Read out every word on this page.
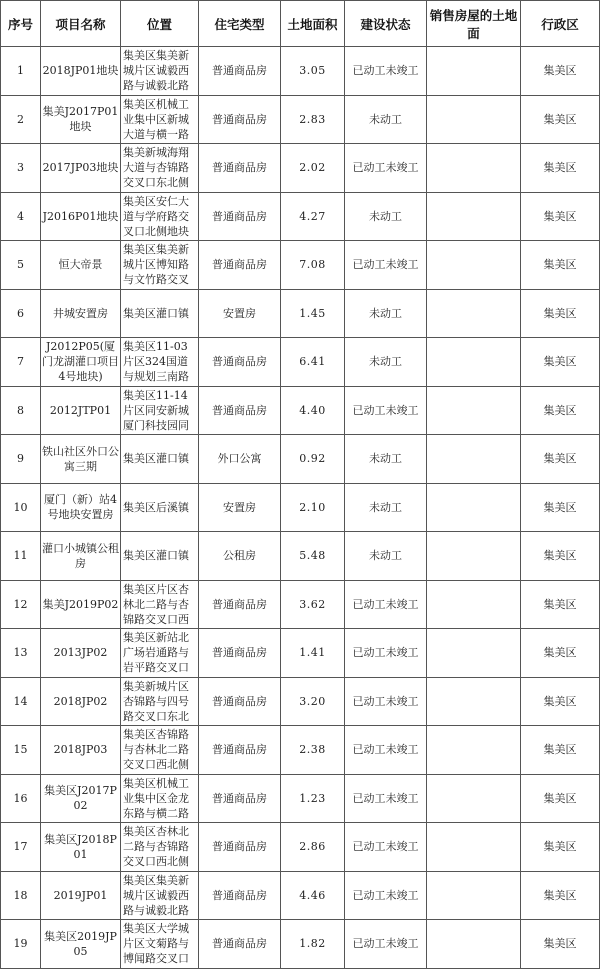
序号	项目名称	位置	住宅类型	土地面积	建设状态	销售房屋的土地面	行政区
1	2018JP01地块	集美区集美新城片区诚毅西路与诚毅北路	普通商品房	3.05	已动工未竣工		集美区
2	集美J2017P01地块	集美区机械工业集中区新城大道与横一路	普通商品房	2.83	未动工		集美区
3	2017JP03地块	集美新城海翔大道与杏锦路交叉口东北侧	普通商品房	2.02	已动工未竣工		集美区
4	J2016P01地块	集美区安仁大道与学府路交叉口北侧地块	普通商品房	4.27	未动工		集美区
5	恒大帝景	集美区集美新城片区博知路与文竹路交叉	普通商品房	7.08	已动工未竣工		集美区
6	井城安置房	集美区灌口镇	安置房	1.45	未动工		集美区
7	J2012P05(厦门龙湖灌口项目4号地块)	集美区11-03片区324国道与规划三南路	普通商品房	6.41	未动工		集美区
8	2012JTP01	集美区11-14片区同安新城厦门科技园同	普通商品房	4.40	已动工未竣工		集美区
9	铁山社区外口公寓三期	集美区灌口镇	外口公寓	0.92	未动工		集美区
10	厦门（新）站4号地块安置房	集美区后溪镇	安置房	2.10	未动工		集美区
11	灌口小城镇公租房	集美区灌口镇	公租房	5.48	未动工		集美区
12	集美J2019P02	集美区片区杏林北二路与杏锦路交叉口西	普通商品房	3.62	已动工未竣工		集美区
13	2013JP02	集美区新站北广场岩通路与岩平路交叉口	普通商品房	1.41	已动工未竣工		集美区
14	2018JP02	集美新城片区杏锦路与四号路交叉口东北	普通商品房	3.20	已动工未竣工		集美区
15	2018JP03	集美区杏锦路与杏林北二路交叉口西北侧	普通商品房	2.38	已动工未竣工		集美区
16	集美区J2017P02	集美区机械工业集中区金龙东路与横二路	普通商品房	1.23	已动工未竣工		集美区
17	集美区J2018P01	集美区杏林北二路与杏锦路交叉口西北侧	普通商品房	2.86	已动工未竣工		集美区
18	2019JP01	集美区集美新城片区诚毅西路与诚毅北路	普通商品房	4.46	已动工未竣工		集美区
19	集美区2019JP05	集美区大学城片区文菊路与博闻路交叉口	普通商品房	1.82	已动工未竣工		集美区
